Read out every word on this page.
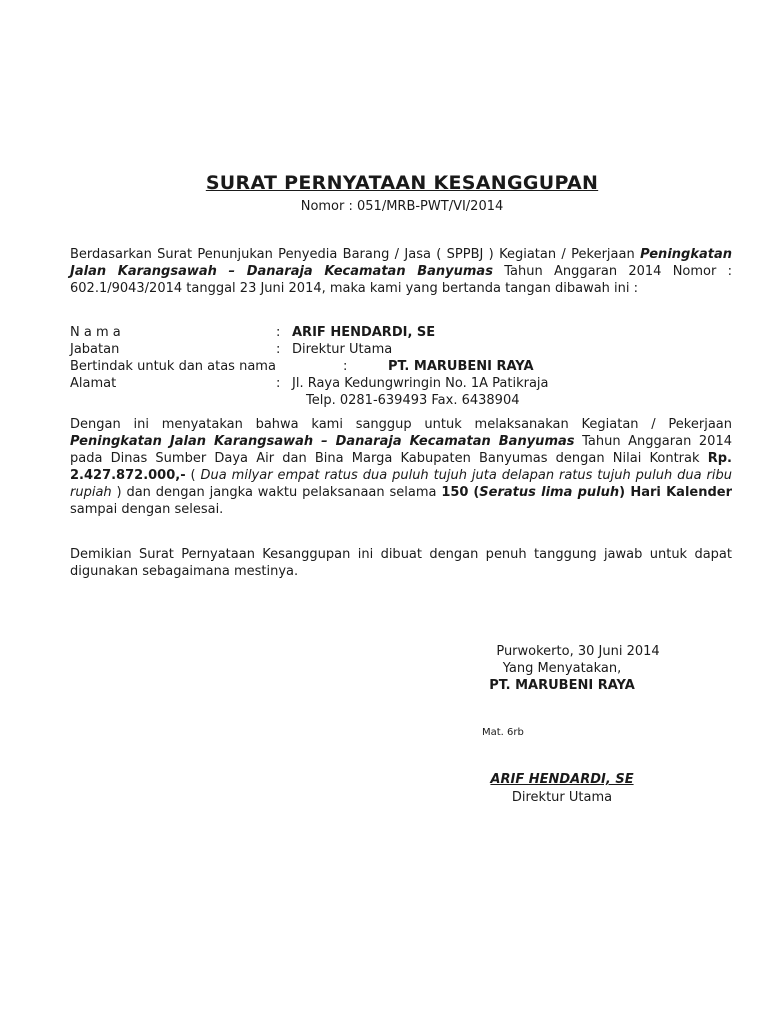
SURAT PERNYATAAN KESANGGUPAN
Nomor : 051/MRB-PWT/VI/2014
Berdasarkan Surat Penunjukan Penyedia Barang / Jasa ( SPPBJ ) Kegiatan / Pekerjaan Peningkatan Jalan Karangsawah – Danaraja Kecamatan Banyumas Tahun Anggaran 2014 Nomor : 602.1/9043/2014 tanggal 23 Juni 2014, maka kami yang bertanda tangan dibawah ini :
N a m a	: ARIF HENDARDI, SE
Jabatan	: Direktur Utama
Bertindak untuk dan atas nama	:	PT. MARUBENI RAYA
Alamat	: Jl. Raya Kedungwringin No. 1A Patikraja
Telp. 0281-639493 Fax. 6438904
Dengan ini menyatakan bahwa kami sanggup untuk melaksanakan Kegiatan / Pekerjaan Peningkatan Jalan Karangsawah – Danaraja Kecamatan Banyumas Tahun Anggaran 2014 pada Dinas Sumber Daya Air dan Bina Marga Kabupaten Banyumas dengan Nilai Kontrak Rp. 2.427.872.000,- ( Dua milyar empat ratus dua puluh tujuh juta delapan ratus tujuh puluh dua ribu rupiah ) dan dengan jangka waktu pelaksanaan selama 150 (Seratus lima puluh) Hari Kalender sampai dengan selesai.
Demikian Surat Pernyataan Kesanggupan ini dibuat dengan penuh tanggung jawab untuk dapat digunakan sebagaimana mestinya.
Purwokerto, 30 Juni 2014
Yang Menyatakan,
PT. MARUBENI RAYA
Mat. 6rb
ARIF HENDARDI, SE
Direktur Utama
